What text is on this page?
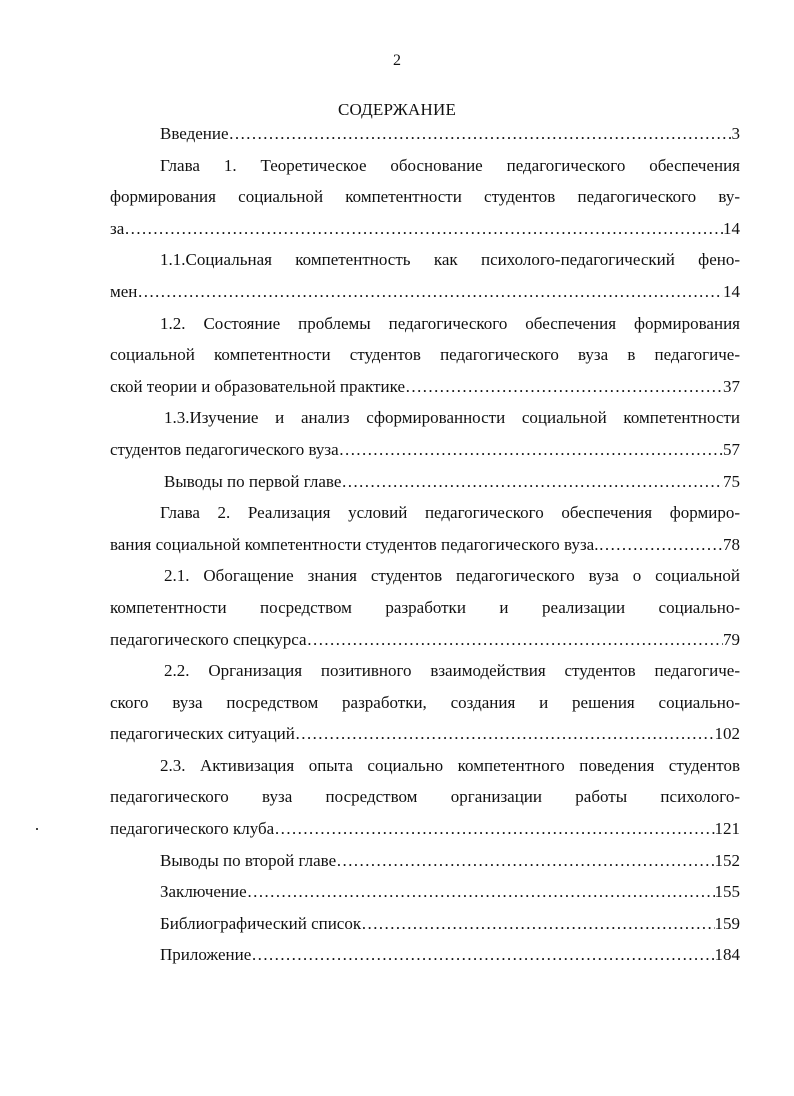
2
СОДЕРЖАНИЕ
Введение ……………………………………………………………………………………………………………………………………………………………	3
Глава 1. Теоретическое обоснование педагогического обеспечения
формирования социальной компетентности студентов педагогического ву-
за ……………………………………………………………………………………………………………………………………………………………	14
1.1.Социальная компетентность как психолого-педагогический фено-
мен ……………………………………………………………………………………………………………………………………………………………	14
1.2. Состояние проблемы педагогического обеспечения формирования
социальной компетентности студентов педагогического вуза в педагогиче-
ской теории и образовательной практике ……………………………………………………………………………………………………………………………………………………………	37
1.3.Изучение и анализ сформированности социальной компетентности
студентов педагогического вуза ……………………………………………………………………………………………………………………………………………………………	57
Выводы по первой главе ……………………………………………………………………………………………………………………………………………………………	75
Глава 2. Реализация условий педагогического обеспечения формиро-
вания социальной компетентности студентов педагогического вуза. ……………………………………………………………………………………………………………………………………………………………	78
2.1. Обогащение знания студентов педагогического вуза о социальной
компетентности посредством разработки и реализации социально-
педагогического спецкурса ……………………………………………………………………………………………………………………………………………………………	79
2.2. Организация позитивного взаимодействия студентов педагогиче-
ского вуза посредством разработки, создания и решения социально-
педагогических ситуаций ……………………………………………………………………………………………………………………………………………………………	102
2.3. Активизация опыта социально компетентного поведения студентов
педагогического вуза посредством организации работы психолого-
педагогического клуба ……………………………………………………………………………………………………………………………………………………………	121
Выводы по второй главе ……………………………………………………………………………………………………………………………………………………………	152
Заключение ……………………………………………………………………………………………………………………………………………………………	155
Библиографический список ……………………………………………………………………………………………………………………………………………………………	159
Приложение ……………………………………………………………………………………………………………………………………………………………	184
